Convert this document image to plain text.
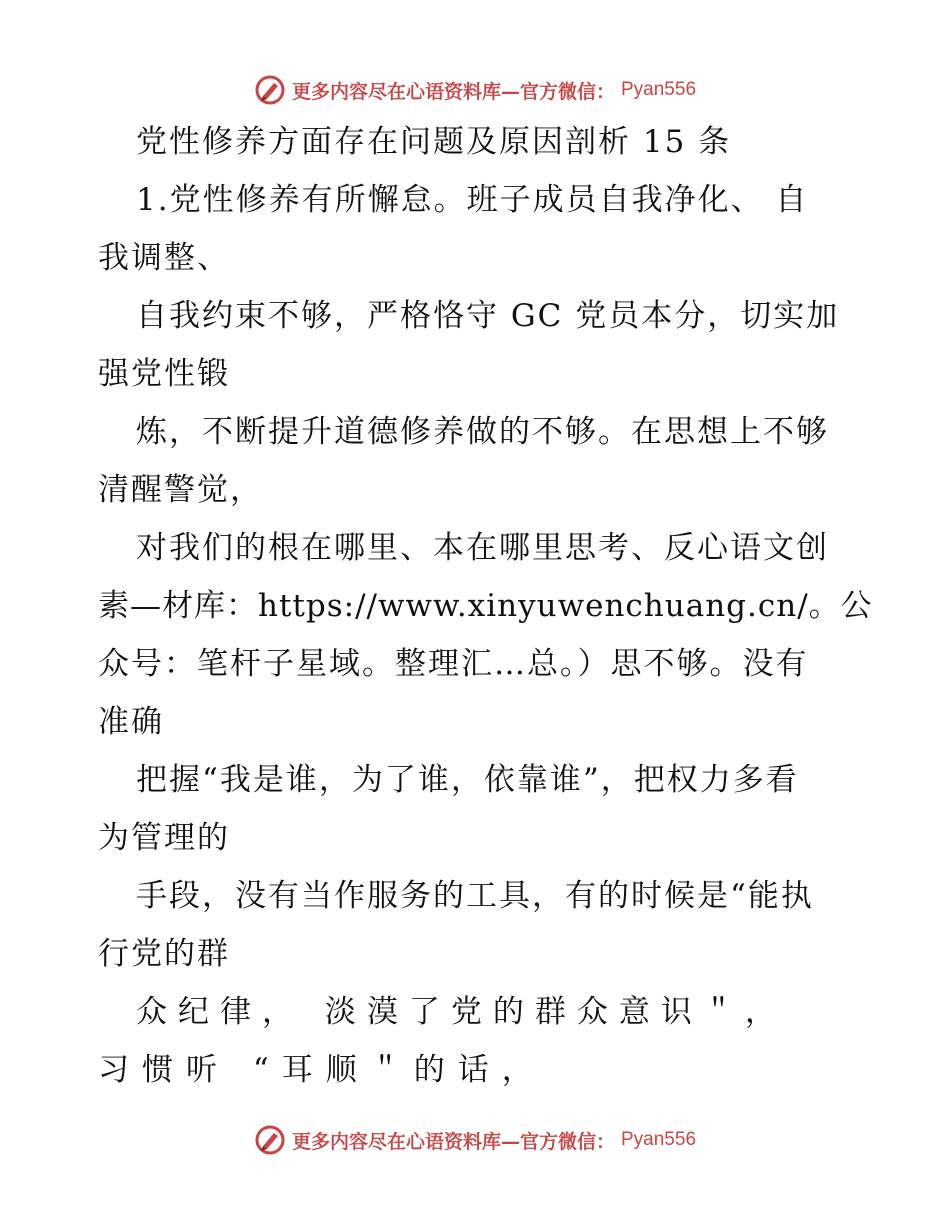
更多内容尽在心语资料库—官方微信： Pyan556
党性修养方面存在问题及原因剖析 15 条
1.党性修养有所懈怠。班子成员自我净化、 自
我调整、
自我约束不够，严格恪守 GC 党员本分，切实加
强党性锻
炼，不断提升道德修养做的不够。在思想上不够
清醒警觉，
对我们的根在哪里、本在哪里思考、反心语文创
素—材库：https://www.xinyuwenchuang.cn/。公
众号：笔杆子星域。整理汇…总。）思不够。没有
准确
把握“我是谁，为了谁，依靠谁”，把权力多看
为管理的
手段，没有当作服务的工具，有的时候是“能执
行党的群
众纪律， 淡漠了党的群众意识＂，
习惯听 “耳顺＂的话，
更多内容尽在心语资料库—官方微信： Pyan556
